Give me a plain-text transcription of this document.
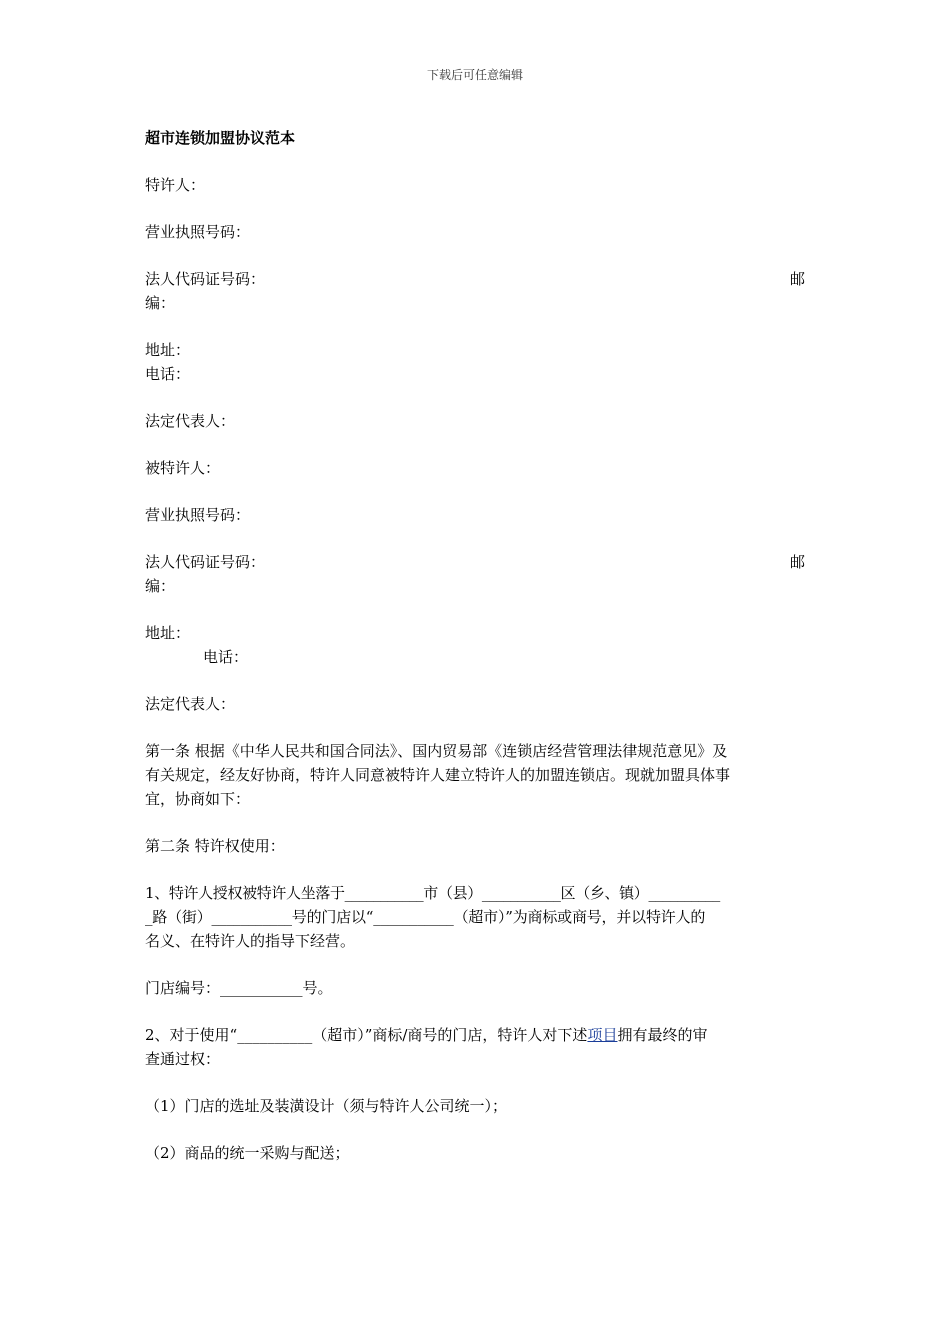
下载后可任意编辑
超市连锁加盟协议范本

特许人：

营业执照号码：

法人代码证号码：	邮
编：

地址：
电话：

法定代表人：

被特许人：

营业执照号码：

法人代码证号码：	邮
编：

地址：
电话：

法定代表人：

第一条 根据《中华人民共和国合同法》、国内贸易部《连锁店经营管理法律规范意见》及
有关规定，经友好协商，特许人同意被特许人建立特许人的加盟连锁店。现就加盟具体事
宜，协商如下：

第二条 特许权使用：

1、特许人授权被特许人坐落于___________市（县）___________区（乡、镇）__________
_路（街）___________号的门店以“___________（超市）”为商标或商号，并以特许人的
名义、在特许人的指导下经营。

门店编号：___________号。

2、对于使用“__________（超市）”商标/商号的门店，特许人对下述项目拥有最终的审
查通过权：

（1）门店的选址及装潢设计（须与特许人公司统一）；

（2）商品的统一采购与配送；
